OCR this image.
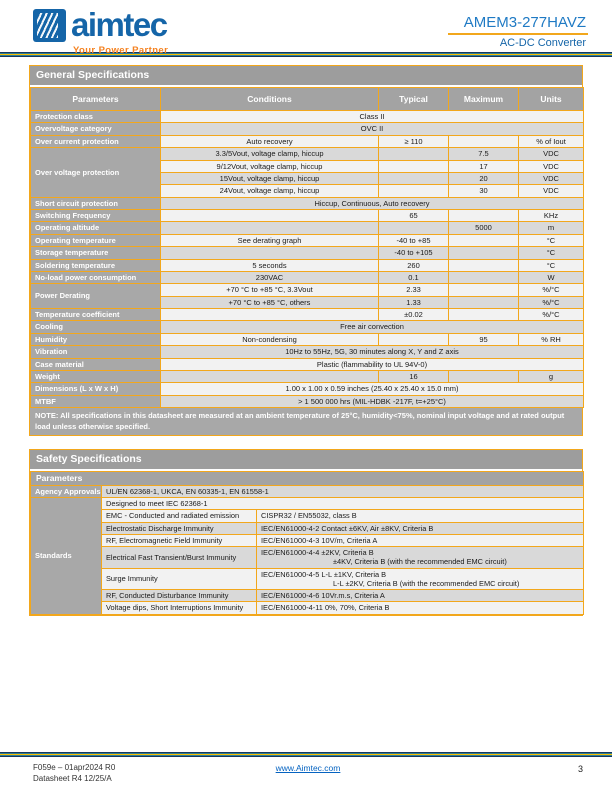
aimtec
Your Power Partner
AMEM3-277HAVZ
AC-DC Converter
General Specifications
Parameters	Conditions	Typical	Maximum	Units
Protection class	Class II			
Overvoltage category	OVC II			
Over current protection	Auto recovery	≥ 110		% of Iout
Over voltage protection	3.3/5Vout, voltage clamp, hiccup		7.5	VDC
	9/12Vout, voltage clamp, hiccup		17	VDC
	15Vout, voltage clamp, hiccup		20	VDC
	24Vout, voltage clamp, hiccup		30	VDC
Short circuit protection	Hiccup, Continuous, Auto recovery			
Switching Frequency		65		KHz
Operating altitude			5000	m
Operating temperature	See derating graph	-40 to +85		°C
Storage temperature		-40 to +105		°C
Soldering temperature	5 seconds	260		°C
No-load power consumption	230VAC	0.1		W
Power Derating	+70 °C to +85 °C, 3.3Vout	2.33		%/°C
	+70 °C to +85 °C, others	1.33		%/°C
Temperature coefficient		±0.02		%/°C
Cooling	Free air convection			
Humidity	Non-condensing		95	% RH
Vibration	10Hz to 55Hz, 5G, 30 minutes along X, Y and Z axis			
Case material	Plastic (flammability to UL 94V-0)			
Weight		16		g
Dimensions (L x W x H)	1.00 x 1.00 x 0.59 inches (25.40 x 25.40 x 15.0 mm)			
MTBF	> 1 500 000 hrs (MIL-HDBK -217F, t=+25°C)			
NOTE: All specifications in this datasheet are measured at an ambient temperature of 25°C, humidity<75%, nominal input voltage and at rated output load unless otherwise specified.
Safety Specifications
Parameters		
Agency Approvals	UL/EN 62368-1, UKCA, EN 60335-1, EN 61558-1	
Standards	Designed to meet IEC 62368-1	
	EMC - Conducted and radiated emission	CISPR32 / EN55032, class B
	Electrostatic Discharge Immunity	IEC/EN61000-4-2 Contact ±6KV, Air ±8KV, Criteria B
	RF, Electromagnetic Field Immunity	IEC/EN61000-4-3 10V/m, Criteria A
	Electrical Fast Transient/Burst Immunity	IEC/EN61000-4-4 ±2KV, Criteria B
±4KV, Criteria B (with the recommended EMC circuit)

	Surge Immunity	IEC/EN61000-4-5 L-L ±1KV, Criteria B
L-L ±2KV, Criteria B (with the recommended EMC circuit)

	RF, Conducted Disturbance Immunity	IEC/EN61000-4-6 10Vr.m.s, Criteria A
	Voltage dips, Short Interruptions Immunity	IEC/EN61000-4-11 0%, 70%, Criteria B
F059e – 01apr2024 R0
Datasheet R4 12/25/A
www.Aimtec.com	3
